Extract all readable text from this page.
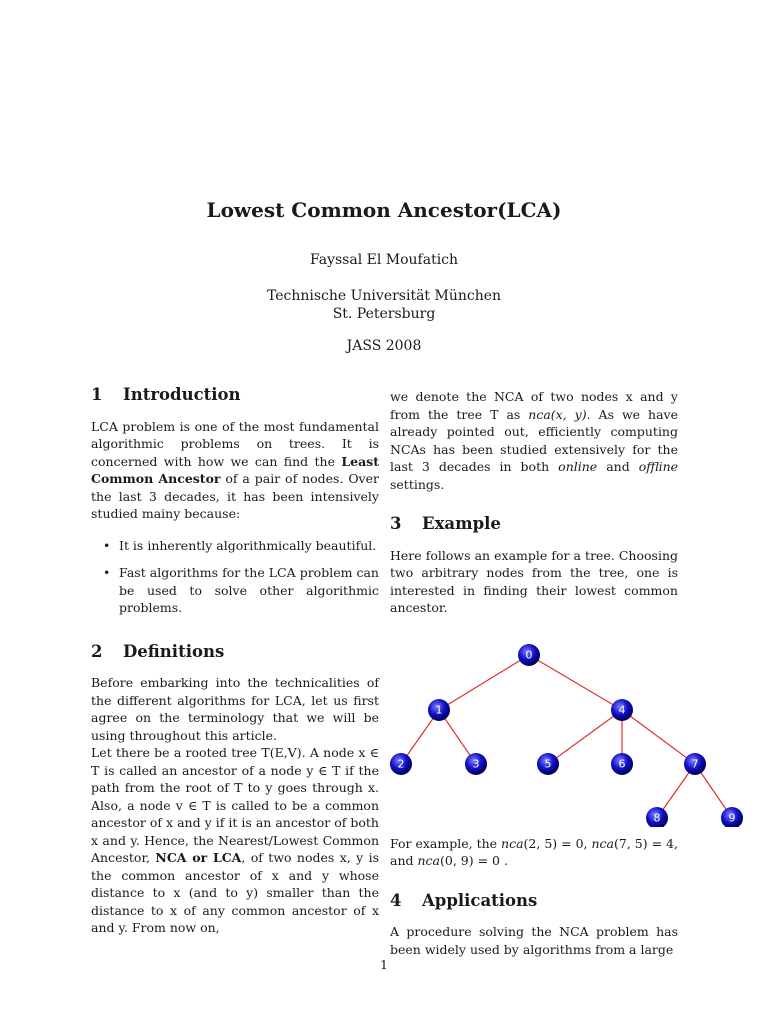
Lowest Common Ancestor(LCA)
Fayssal El Moufatich
Technische Universität München
St. Petersburg
JASS 2008
1	Introduction

LCA problem is one of the most fundamental algorithmic problems on trees. It is concerned with how we can find the Least Common Ancestor of a pair of nodes. Over the last 3 decades, it has been intensively studied mainy because:

• It is inherently algorithmically beautiful.
• Fast algorithms for the LCA problem can be used to solve other algorithmic problems.
2	Definitions

Before embarking into the technicalities of the different algorithms for LCA, let us first agree on the terminology that we will be using throughout this article.

Let there be a rooted tree T(E,V). A node x ∈ T is called an ancestor of a node y ∈ T if the path from the root of T to y goes through x. Also, a node v ∈ T is called to be a common ancestor of x and y if it is an ancestor of both x and y. Hence, the Nearest/Lowest Common Ancestor, NCA or LCA, of two nodes x, y is the common ancestor of x and y whose distance to x (and to y) smaller than the distance to x of any common ancestor of x and y. From now on,

we denote the NCA of two nodes x and y from the tree T as nca(x, y). As we have already pointed out, efficiently computing NCAs has been studied extensively for the last 3 decades in both online and offline settings.

3	Example

Here follows an example for a tree. Choosing two arbitrary nodes from the tree, one is interested in finding their lowest common ancestor.

0
1	4
2	3	5	6	7
8	9

For example, the nca(2, 5) = 0, nca(7, 5) = 4, and nca(0, 9) = 0 .

4	Applications

A procedure solving the NCA problem has been widely used by algorithms from a large

1
